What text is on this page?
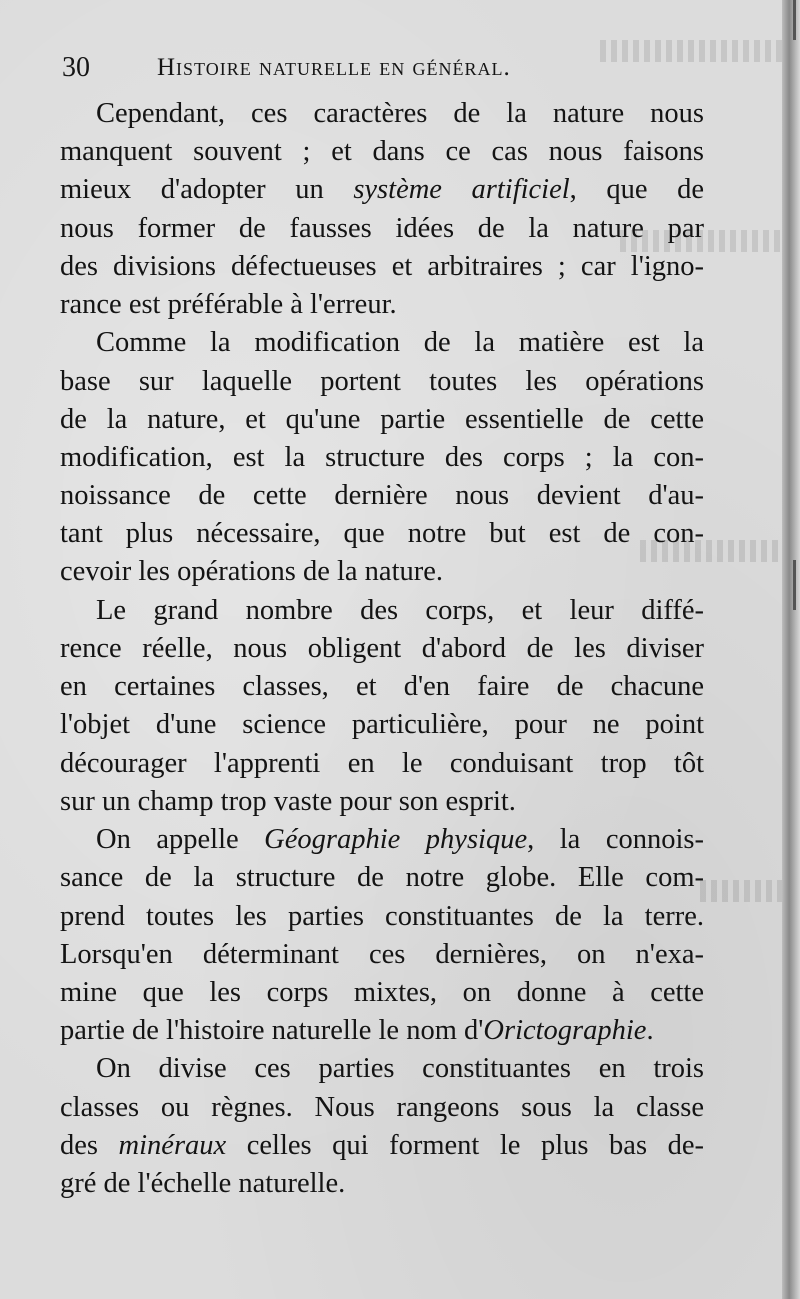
30	Histoire naturelle en général.
Cependant, ces caractères de la nature nous
manquent souvent ; et dans ce cas nous faisons
mieux d'adopter un système artificiel, que de
nous former de fausses idées de la nature par
des divisions défectueuses et arbitraires ; car l'igno-
rance est préférable à l'erreur.
Comme la modification de la matière est la
base sur laquelle portent toutes les opérations
de la nature, et qu'une partie essentielle de cette
modification, est la structure des corps ; la con-
noissance de cette dernière nous devient d'au-
tant plus nécessaire, que notre but est de con-
cevoir les opérations de la nature.
Le grand nombre des corps, et leur diffé-
rence réelle, nous obligent d'abord de les diviser
en certaines classes, et d'en faire de chacune
l'objet d'une science particulière, pour ne point
décourager l'apprenti en le conduisant trop tôt
sur un champ trop vaste pour son esprit.
On appelle Géographie physique, la connois-
sance de la structure de notre globe. Elle com-
prend toutes les parties constituantes de la terre.
Lorsqu'en déterminant ces dernières, on n'exa-
mine que les corps mixtes, on donne à cette
partie de l'histoire naturelle le nom d'Orictographie.
On divise ces parties constituantes en trois
classes ou règnes. Nous rangeons sous la classe
des minéraux celles qui forment le plus bas de-
gré de l'échelle naturelle.
